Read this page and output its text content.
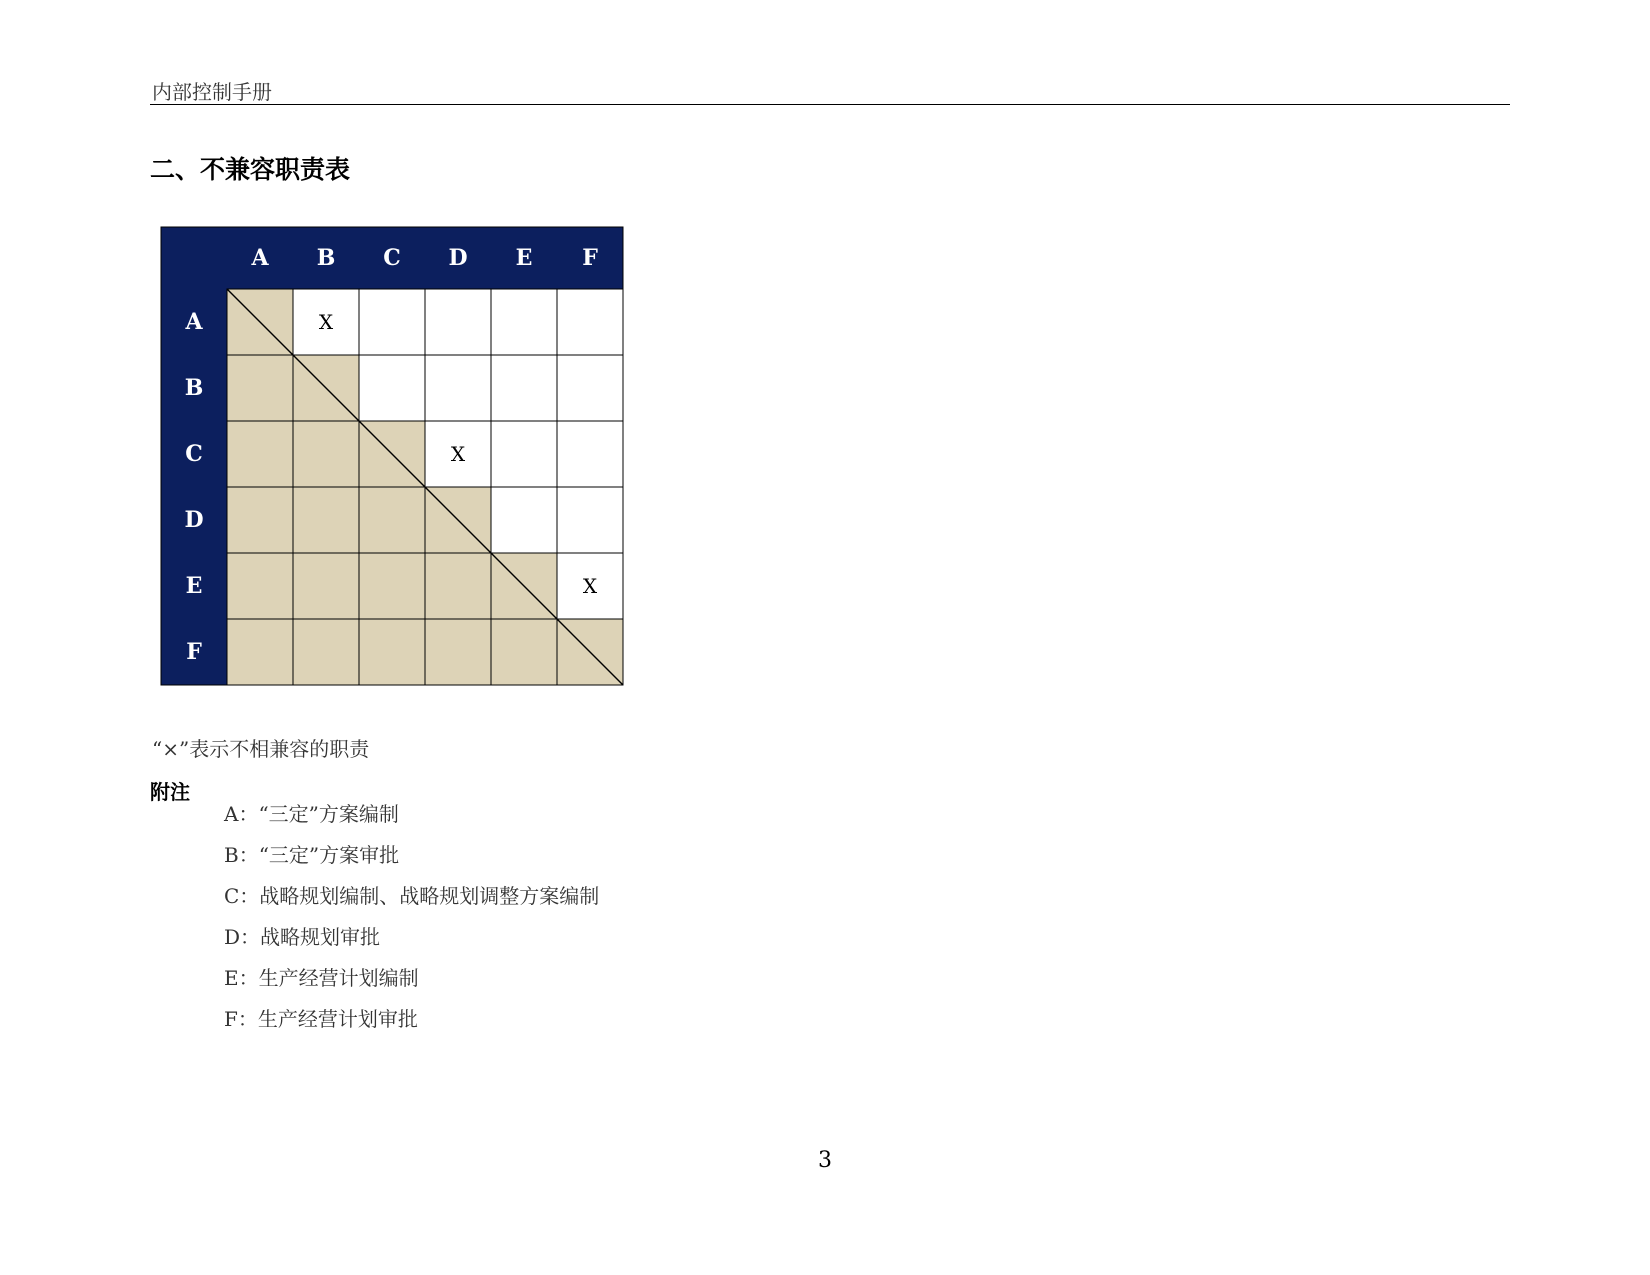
内部控制手册
二、不兼容职责表
A B C D E F
A
B
C
D
E
F
X
X
X
“×”表示不相兼容的职责
附注
A：“三定”方案编制
B：“三定”方案审批
C：战略规划编制、战略规划调整方案编制
D：战略规划审批
E：生产经营计划编制
F：生产经营计划审批
3
